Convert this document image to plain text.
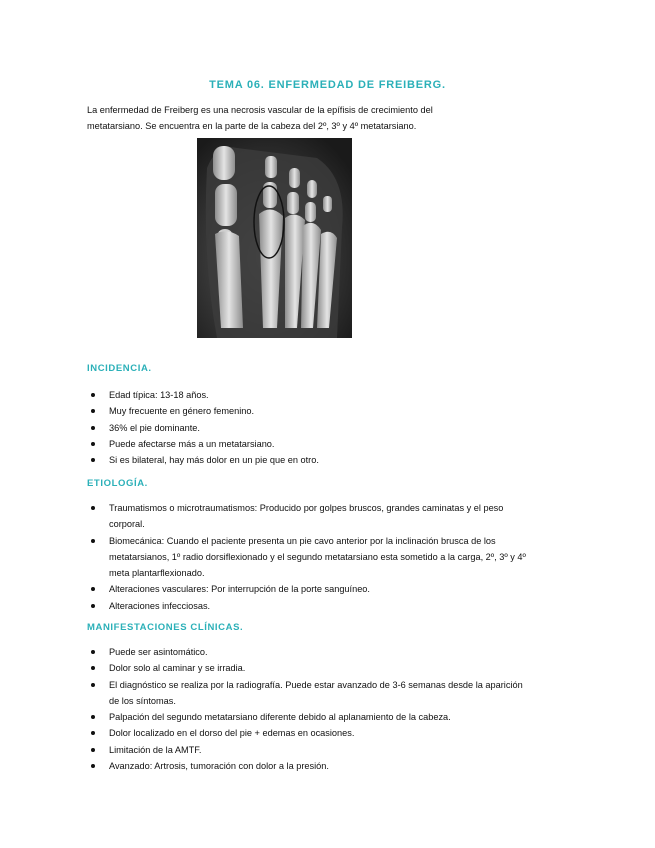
TEMA 06. ENFERMEDAD DE FREIBERG.

La enfermedad de Freiberg es una necrosis vascular de la epífisis de crecimiento del metatarsiano. Se encuentra en la parte de la cabeza del 2º, 3º y 4º metatarsiano.

INCIDENCIA.
Edad típica: 13-18 años.
Muy frecuente en género femenino.
36% el pie dominante.
Puede afectarse más a un metatarsiano.
Si es bilateral, hay más dolor en un pie que en otro.
ETIOLOGÍA.
Traumatismos o microtraumatismos: Producido por golpes bruscos, grandes caminatas y el peso corporal.
Biomecánica: Cuando el paciente presenta un pie cavo anterior por la inclinación brusca de los metatarsianos, 1º radio dorsiflexionado y el segundo metatarsiano esta sometido a la carga, 2º, 3º y 4º meta plantarflexionado.
Alteraciones vasculares: Por interrupción de la porte sanguíneo.
Alteraciones infecciosas.
MANIFESTACIONES CLÍNICAS.
Puede ser asintomático.
Dolor solo al caminar y se irradia.
El diagnóstico se realiza por la radiografía. Puede estar avanzado de 3-6 semanas desde la aparición de los síntomas.
Palpación del segundo metatarsiano diferente debido al aplanamiento de la cabeza.
Dolor localizado en el dorso del pie + edemas en ocasiones.
Limitación de la AMTF.
Avanzado: Artrosis, tumoración con dolor a la presión.
